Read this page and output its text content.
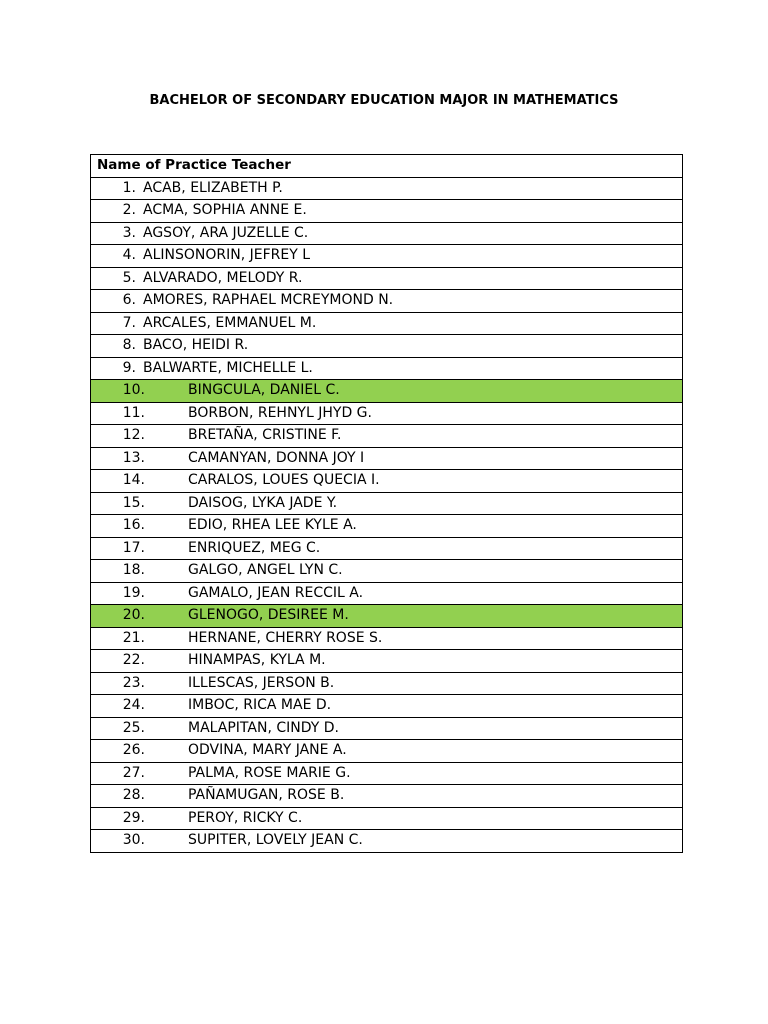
BACHELOR OF SECONDARY EDUCATION MAJOR IN MATHEMATICS
Name of Practice Teacher

1. ACAB, ELIZABETH P.

2. ACMA, SOPHIA ANNE E.

3. AGSOY, ARA JUZELLE C.

4. ALINSONORIN, JEFREY L

5. ALVARADO, MELODY R.

6. AMORES, RAPHAEL MCREYMOND N.

7. ARCALES, EMMANUEL M.

8. BACO, HEIDI R.

9. BALWARTE, MICHELLE L.

10.	BINGCULA, DANIEL C.

11.	BORBON, REHNYL JHYD G.

12.	BRETAÑA, CRISTINE F.

13.	CAMANYAN, DONNA JOY I

14.	CARALOS, LOUES QUECIA I.

15.	DAISOG, LYKA JADE Y.

16.	EDIO, RHEA LEE KYLE A.

17.	ENRIQUEZ, MEG C.

18.	GALGO, ANGEL LYN C.

19.	GAMALO, JEAN RECCIL A.

20.	GLENOGO, DESIREE M.

21.	HERNANE, CHERRY ROSE S.

22.	HINAMPAS, KYLA M.

23.	ILLESCAS, JERSON B.

24.	IMBOC, RICA MAE D.

25.	MALAPITAN, CINDY D.

26.	ODVINA, MARY JANE A.

27.	PALMA, ROSE MARIE G.

28.	PAÑAMUGAN, ROSE B.

29.	PEROY, RICKY C.

30.	SUPITER, LOVELY JEAN C.
